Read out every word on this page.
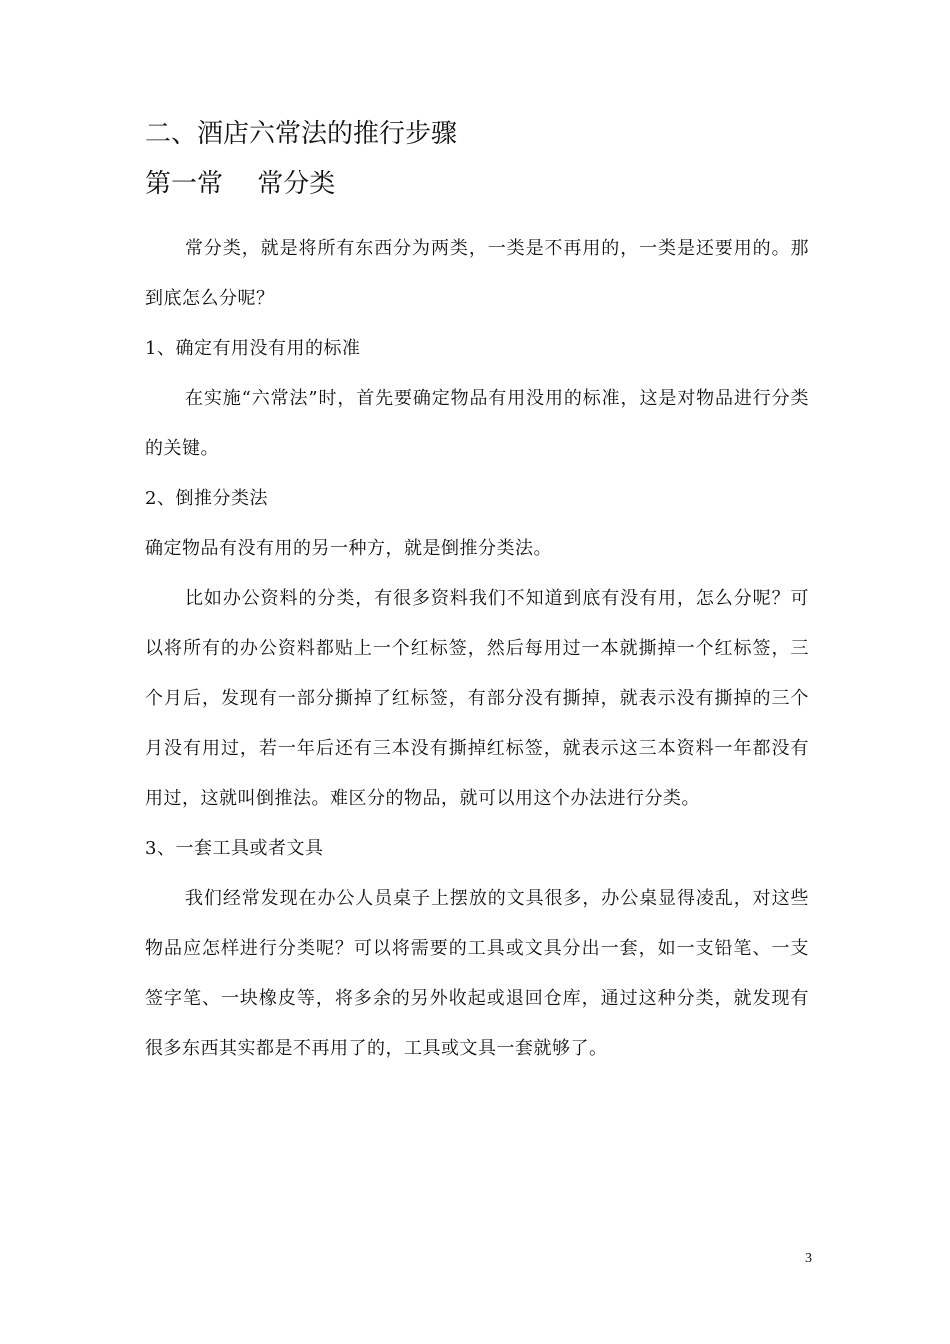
二、酒店六常法的推行步骤
第一常　 常分类

常分类，就是将所有东西分为两类，一类是不再用的，一类是还要用的。那到底怎么分呢？

1、确定有用没有用的标准

在实施“六常法”时，首先要确定物品有用没用的标准，这是对物品进行分类的关键。

2、倒推分类法

确定物品有没有用的另一种方，就是倒推分类法。

比如办公资料的分类，有很多资料我们不知道到底有没有用，怎么分呢？可以将所有的办公资料都贴上一个红标签，然后每用过一本就撕掉一个红标签，三个月后，发现有一部分撕掉了红标签，有部分没有撕掉，就表示没有撕掉的三个月没有用过，若一年后还有三本没有撕掉红标签，就表示这三本资料一年都没有用过，这就叫倒推法。难区分的物品，就可以用这个办法进行分类。

3、一套工具或者文具

我们经常发现在办公人员桌子上摆放的文具很多，办公桌显得凌乱，对这些物品应怎样进行分类呢？可以将需要的工具或文具分出一套，如一支铅笔、一支签字笔、一块橡皮等，将多余的另外收起或退回仓库，通过这种分类，就发现有很多东西其实都是不再用了的，工具或文具一套就够了。

3
